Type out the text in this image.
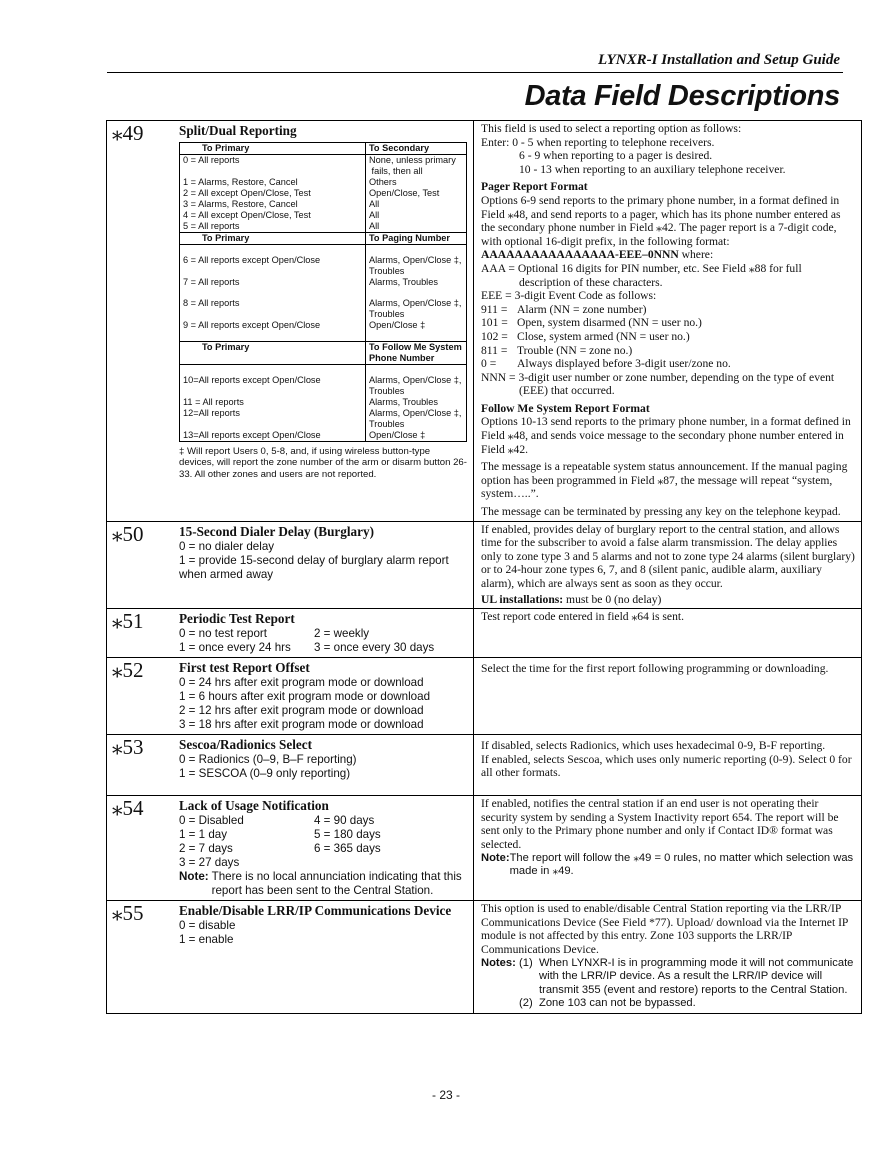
LYNXR-I Installation and Setup Guide
Data Field Descriptions
⁎49	Split/Dual Reporting
To Primary	To Secondary
0 = All reports	None, unless primary
	fails, then all
1 = Alarms, Restore, Cancel	Others
2 = All except Open/Close, Test	Open/Close, Test
3 = Alarms, Restore, Cancel	All
4 = All except Open/Close, Test	All
5 = All reports	All
To Primary	To Paging Number

6 = All reports except Open/Close	Alarms, Open/Close ‡,
	Troubles
7 = All reports	Alarms, Troubles

8 = All reports	Alarms, Open/Close ‡,
	Troubles
9 = All reports except Open/Close	Open/Close ‡

To Primary	To Follow Me System Phone Number

10=All reports except Open/Close	Alarms, Open/Close ‡,
	Troubles
11 = All reports	Alarms, Troubles
12=All reports	Alarms, Open/Close ‡,
	Troubles
13=All reports except Open/Close	Open/Close ‡
‡ Will report Users 0, 5-8, and, if using wireless button-type devices, will report the zone number of the arm or disarm button 26-33. All other zones and users are not reported.

This field is used to select a reporting option as follows:

Enter: 0 - 5 when reporting to telephone receivers.

6 - 9 when reporting to a pager is desired.

10 - 13 when reporting to an auxiliary telephone receiver.

Pager Report Format

Options 6-9 send reports to the primary phone number, in a format defined in Field ⁎48, and send reports to a pager, which has its phone number entered as the secondary phone number in Field ⁎42. The pager report is a 7-digit code, with optional 16-digit prefix, in the following format:

AAAAAAAAAAAAAAAA-EEE–0NNN where:

AAA = Optional 16 digits for PIN number, etc. See Field ⁎88 for full description of these characters.

EEE = 3-digit Event Code as follows:

911 = Alarm (NN = zone number)
101 = Open, system disarmed (NN = user no.)
102 = Close, system armed (NN = user no.)
811 = Trouble (NN = zone no.)
0 =	Always displayed before 3-digit user/zone no.

NNN = 3-digit user number or zone number, depending on the type of event (EEE) that occurred.

Follow Me System Report Format

Options 10-13 send reports to the primary phone number, in a format defined in Field ⁎48, and sends voice message to the secondary phone number entered in Field ⁎42.

The message is a repeatable system status announcement. If the manual paging option has been programmed in Field ⁎87, the message will repeat “system, system…..”.

The message can be terminated by pressing any key on the telephone keypad.

⁎50	15-Second Dialer Delay (Burglary)
0 = no dialer delay
1 = provide 15-second delay of burglary alarm report when armed away

If enabled, provides delay of burglary report to the central station, and allows time for the subscriber to avoid a false alarm transmission. The delay applies only to zone type 3 and 5 alarms and not to zone type 24 alarms (silent burglary) or to 24-hour zone types 6, 7, and 8 (silent panic, audible alarm, auxiliary alarm), which are always sent as soon as they occur.

UL installations: must be 0 (no delay)

⁎51	Periodic Test Report
0 = no test report	2 = weekly
1 = once every 24 hrs	3 = once every 30 days

Test report code entered in field ⁎64 is sent.

⁎52	First test Report Offset
0 = 24 hrs after exit program mode or download
1 = 6 hours after exit program mode or download
2 = 12 hrs after exit program mode or download
3 = 18 hrs after exit program mode or download

Select the time for the first report following programming or downloading.

⁎53	Sescoa/Radionics Select
0 = Radionics (0–9, B–F reporting)
1 = SESCOA (0–9 only reporting)

If disabled, selects Radionics, which uses hexadecimal 0-9, B-F reporting.

If enabled, selects Sescoa, which uses only numeric reporting (0-9). Select 0 for all other formats.

⁎54	Lack of Usage Notification
0 = Disabled	4 = 90 days
1 = 1 day	5 = 180 days
2 = 7 days	6 = 365 days
3 = 27 days
Note: There is no local annunciation indicating that this report has been sent to the Central Station.

If enabled, notifies the central station if an end user is not operating their security system by sending a System Inactivity report 654. The report will be sent only to the Primary phone number and only if Contact ID® format was selected.

Note: The report will follow the ⁎49 = 0 rules, no matter which selection was made in ⁎49.

⁎55	Enable/Disable LRR/IP Communications Device
0 = disable
1 = enable

This option is used to enable/disable Central Station reporting via the LRR/IP Communications Device (See Field *77). Upload/ download via the Internet IP module is not affected by this entry. Zone 103 supports the LRR/IP Communications Device.

Notes: (1) When LYNXR-I is in programming mode it will not communicate with the LRR/IP device. As a result the LRR/IP device will transmit 355 (event and restore) reports to the Central Station.
(2) Zone 103 can not be bypassed.
- 23 -
